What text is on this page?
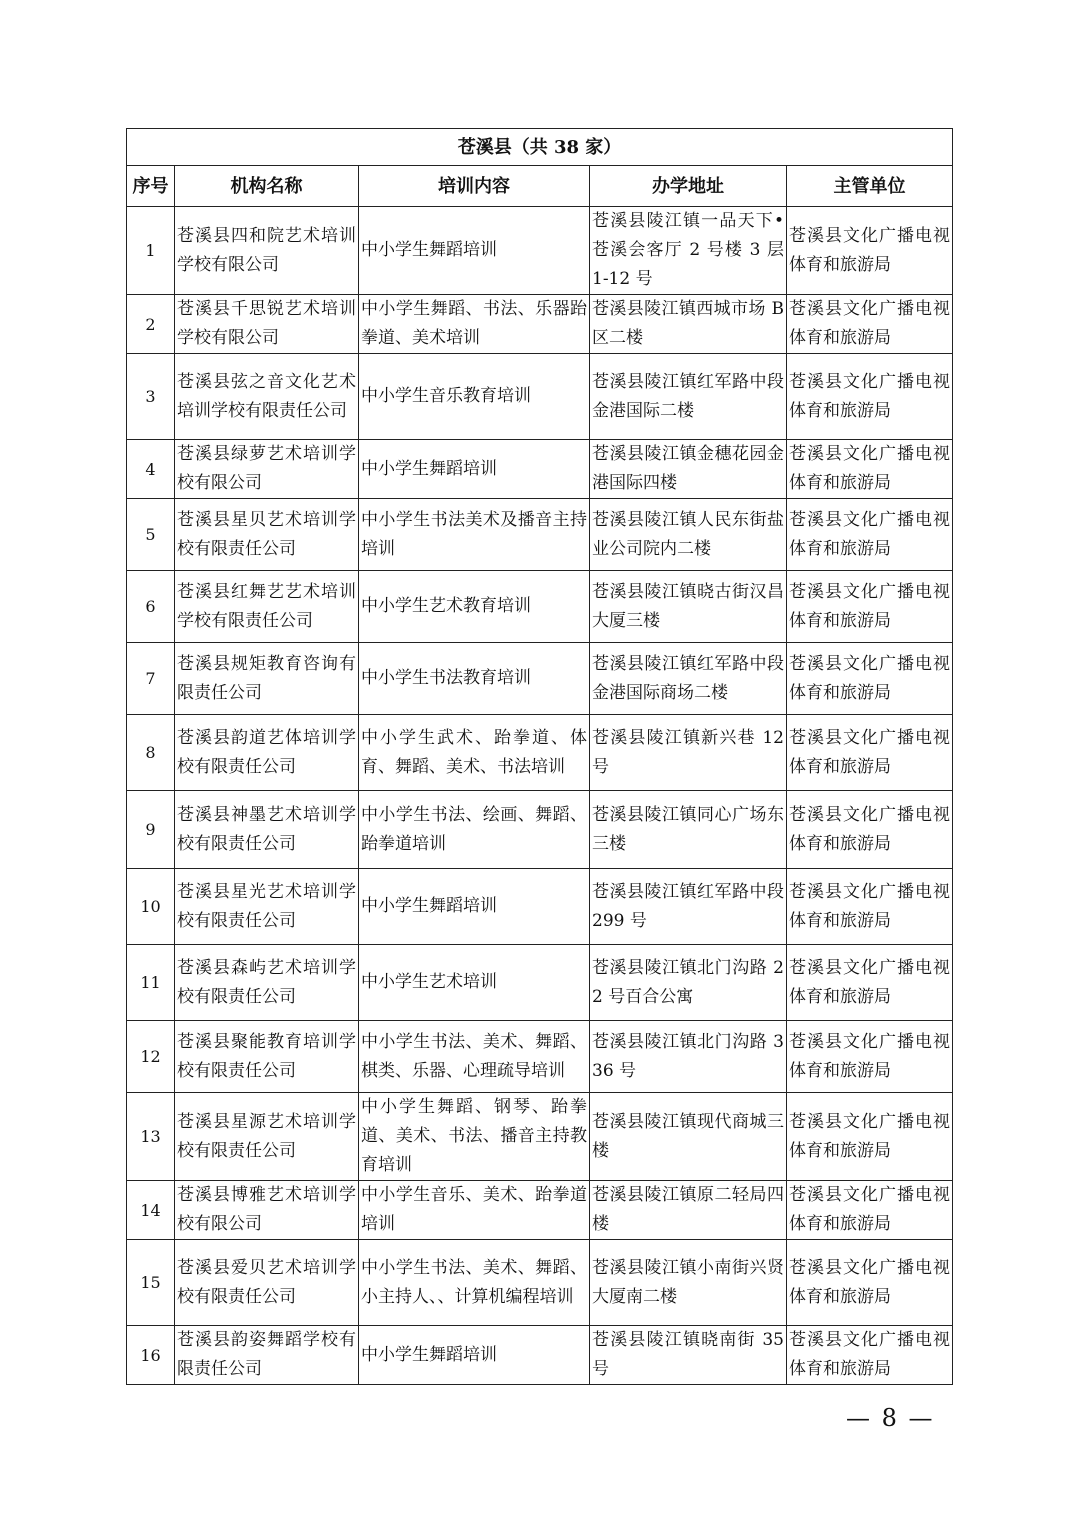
苍溪县（共 38 家）				
序号	机构名称	培训内容	办学地址	主管单位
1	苍溪县四和院艺术培训学校有限公司	中小学生舞蹈培训	苍溪县陵江镇一品天下•苍溪会客厅 2 号楼 3 层 1-12 号	苍溪县文化广播电视体育和旅游局
2	苍溪县千思锐艺术培训学校有限公司	中小学生舞蹈、书法、乐器跆拳道、美术培训	苍溪县陵江镇西城市场 B 区二楼	苍溪县文化广播电视体育和旅游局
3	苍溪县弦之音文化艺术培训学校有限责任公司	中小学生音乐教育培训	苍溪县陵江镇红军路中段金港国际二楼	苍溪县文化广播电视体育和旅游局
4	苍溪县绿萝艺术培训学校有限公司	中小学生舞蹈培训	苍溪县陵江镇金穗花园金港国际四楼	苍溪县文化广播电视体育和旅游局
5	苍溪县星贝艺术培训学校有限责任公司	中小学生书法美术及播音主持培训	苍溪县陵江镇人民东街盐业公司院内二楼	苍溪县文化广播电视体育和旅游局
6	苍溪县红舞艺艺术培训学校有限责任公司	中小学生艺术教育培训	苍溪县陵江镇晓古街汉昌大厦三楼	苍溪县文化广播电视体育和旅游局
7	苍溪县规矩教育咨询有限责任公司	中小学生书法教育培训	苍溪县陵江镇红军路中段金港国际商场二楼	苍溪县文化广播电视体育和旅游局
8	苍溪县韵道艺体培训学校有限责任公司	中小学生武术、跆拳道、体育、舞蹈、美术、书法培训	苍溪县陵江镇新兴巷 12 号	苍溪县文化广播电视体育和旅游局
9	苍溪县神墨艺术培训学校有限责任公司	中小学生书法、绘画、舞蹈、跆拳道培训	苍溪县陵江镇同心广场东三楼	苍溪县文化广播电视体育和旅游局
10	苍溪县星光艺术培训学校有限责任公司	中小学生舞蹈培训	苍溪县陵江镇红军路中段 299 号	苍溪县文化广播电视体育和旅游局
11	苍溪县森屿艺术培训学校有限责任公司	中小学生艺术培训	苍溪县陵江镇北门沟路 22 号百合公寓	苍溪县文化广播电视体育和旅游局
12	苍溪县聚能教育培训学校有限责任公司	中小学生书法、美术、舞蹈、棋类、乐器、心理疏导培训	苍溪县陵江镇北门沟路 336 号	苍溪县文化广播电视体育和旅游局
13	苍溪县星源艺术培训学校有限责任公司	中小学生舞蹈、钢琴、跆拳道、美术、书法、播音主持教育培训	苍溪县陵江镇现代商城三楼	苍溪县文化广播电视体育和旅游局
14	苍溪县博雅艺术培训学校有限公司	中小学生音乐、美术、跆拳道培训	苍溪县陵江镇原二轻局四楼	苍溪县文化广播电视体育和旅游局
15	苍溪县爱贝艺术培训学校有限责任公司	中小学生书法、美术、舞蹈、小主持人、、计算机编程培训	苍溪县陵江镇小南街兴贤大厦南二楼	苍溪县文化广播电视体育和旅游局
16	苍溪县韵姿舞蹈学校有限责任公司	中小学生舞蹈培训	苍溪县陵江镇晓南街 35 号	苍溪县文化广播电视体育和旅游局
— 8 —
